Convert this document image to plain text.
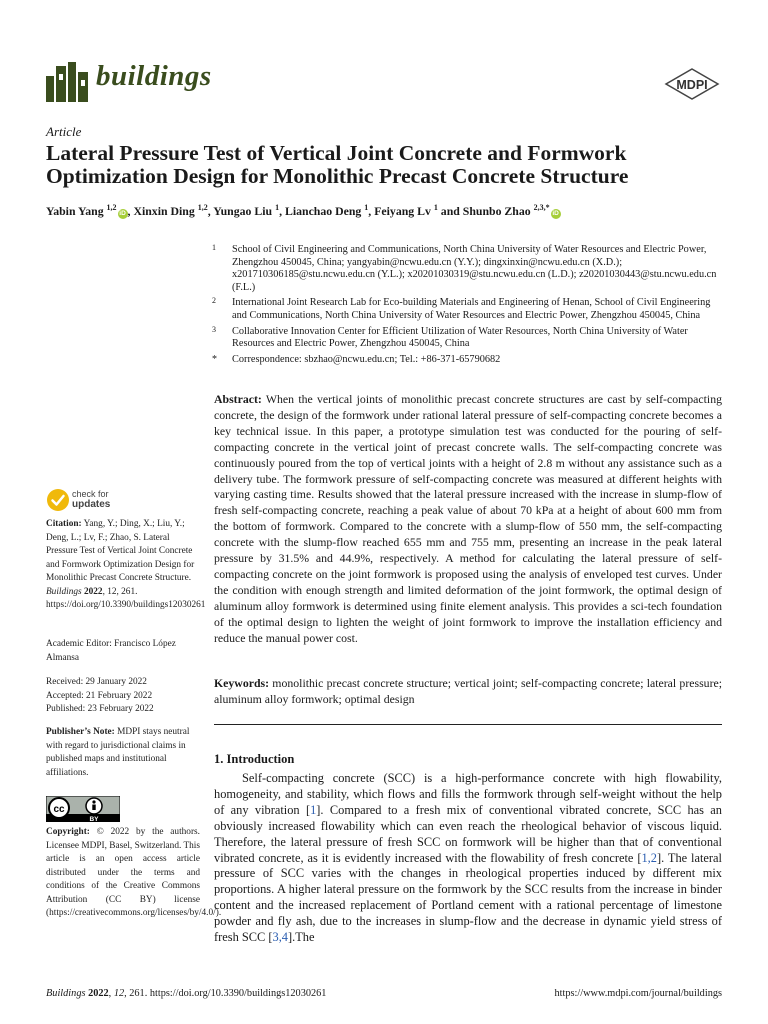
buildings	MDPI
Article
Lateral Pressure Test of Vertical Joint Concrete and Formwork Optimization Design for Monolithic Precast Concrete Structure
Yabin Yang $^{1,2}$iD , Xinxin Ding $^{1,2}$, Yungao Liu $^1$, Lianchao Deng $^1$, Feiyang Lv $^1$ and Shunbo Zhao $^{2,3,*}$iD
1 School of Civil Engineering and Communications, North China University of Water Resources and Electric Power, Zhengzhou 450045, China; yangyabin@ncwu.edu.cn (Y.Y.); dingxinxin@ncwu.edu.cn (X.D.); x201710306185@stu.ncwu.edu.cn (Y.L.); x20201030319@stu.ncwu.edu.cn (L.D.); z20201030443@stu.ncwu.edu.cn (F.L.)
2 International Joint Research Lab for Eco-building Materials and Engineering of Henan, School of Civil Engineering and Communications, North China University of Water Resources and Electric Power, Zhengzhou 450045, China
3 Collaborative Innovation Center for Efficient Utilization of Water Resources, North China University of Water Resources and Electric Power, Zhengzhou 450045, China
* Correspondence: sbzhao@ncwu.edu.cn; Tel.: +86-371-65790682
Abstract: When the vertical joints of monolithic precast concrete structures are cast by self-compacting concrete, the design of the formwork under rational lateral pressure of self-compacting concrete becomes a key technical issue. In this paper, a prototype simulation test was conducted for the pouring of self-compacting concrete in the vertical joint of precast concrete walls. The self-compacting concrete was continuously poured from the top of vertical joints with a height of 2.8 m without any assistance such as a delivery tube. The formwork pressure of self-compacting concrete was measured at different heights with varying casting time. Results showed that the lateral pressure increased with the increase in slump-flow of fresh self-compacting concrete, reaching a peak value of about 70 kPa at a height of about 600 mm from the bottom of formwork. Compared to the concrete with a slump-flow of 550 mm, the self-compacting concrete with the slump-flow reached 655 mm and 755 mm, presenting an increase in the peak lateral pressure by 31.5% and 44.9%, respectively. A method for calculating the lateral pressure of self-compacting concrete on the joint formwork is proposed using the analysis of enveloped test curves. Under the condition with enough strength and limited deformation of the joint formwork, the optimal design of aluminum alloy formwork is determined using finite element analysis. This provides a sci-tech foundation of the optimal design to lighten the weight of joint formwork to improve the installation efficiency and reduce the manual power cost.
Keywords: monolithic precast concrete structure; vertical joint; self-compacting concrete; lateral pressure; aluminum alloy formwork; optimal design
1. Introduction
Self-compacting concrete (SCC) is a high-performance concrete with high flowability, homogeneity, and stability, which flows and fills the formwork through self-weight without the help of any vibration [1]. Compared to a fresh mix of conventional vibrated concrete, SCC has an obviously increased flowability which can even reach the rheological behavior of viscous liquid. Therefore, the lateral pressure of fresh SCC on formwork will be higher than that of conventional vibrated concrete, as it is evidently increased with the flowability of fresh concrete [1,2]. The lateral pressure of SCC varies with the changes in rheological properties induced by different mix proportions. A higher lateral pressure on the formwork by the SCC results from the increase in binder content and the increased replacement of Portland cement with a rational percentage of limestone powder and fly ash, due to the increases in slump-flow and the decrease in dynamic yield stress of fresh SCC [3,4].The
check for
updates
Citation: Yang, Y.; Ding, X.; Liu, Y.; Deng, L.; Lv, F.; Zhao, S. Lateral Pressure Test of Vertical Joint Concrete and Formwork Optimization Design for Monolithic Precast Concrete Structure. Buildings 2022, 12, 261. https://doi.org/10.3390/buildings12030261
Academic Editor: Francisco López Almansa
Received: 29 January 2022
Accepted: 21 February 2022
Published: 23 February 2022
Publisher’s Note: MDPI stays neutral with regard to jurisdictional claims in published maps and institutional affiliations.
cc
BY
Copyright: © 2022 by the authors. Licensee MDPI, Basel, Switzerland. This article is an open access article distributed under the terms and conditions of the Creative Commons Attribution (CC BY) license (https://creativecommons.org/licenses/by/4.0/).
Buildings 2022, 12, 261. https://doi.org/10.3390/buildings12030261	https://www.mdpi.com/journal/buildings
